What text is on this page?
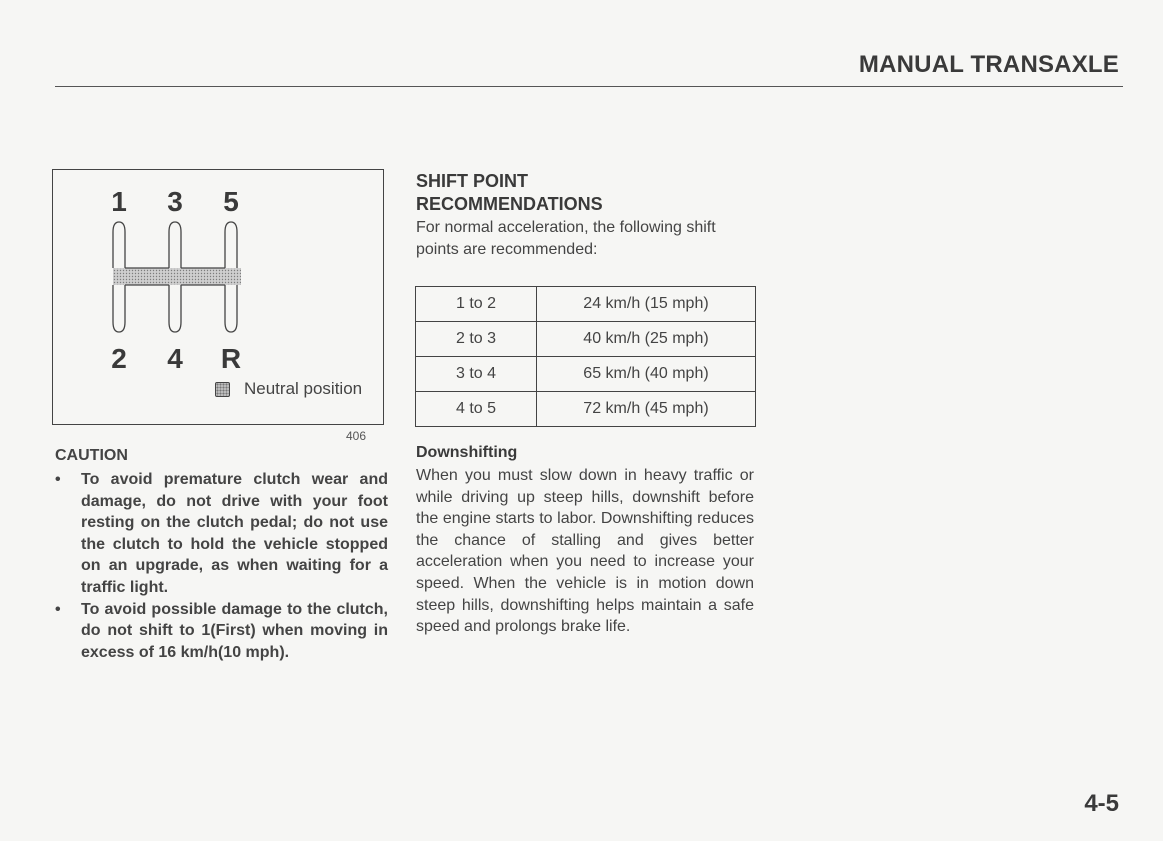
MANUAL TRANSAXLE
1 3 5
2 4 R
Neutral position
406
CAUTION
• To avoid premature clutch wear and damage, do not drive with your foot resting on the clutch pedal; do not use the clutch to hold the vehicle stopped on an upgrade, as when waiting for a traffic light.
• To avoid possible damage to the clutch, do not shift to 1(First) when moving in excess of 16 km/h(10 mph).
SHIFT POINT
RECOMMENDATIONS
For normal acceleration, the following shift points are recommended:
1 to 2	24 km/h (15 mph)
2 to 3	40 km/h (25 mph)
3 to 4	65 km/h (40 mph)
4 to 5	72 km/h (45 mph)
Downshifting
When you must slow down in heavy traffic or while driving up steep hills, downshift before the engine starts to labor. Downshifting reduces the chance of stalling and gives better acceleration when you need to increase your speed. When the vehicle is in motion down steep hills, downshifting helps maintain a safe speed and prolongs brake life.
4-5
